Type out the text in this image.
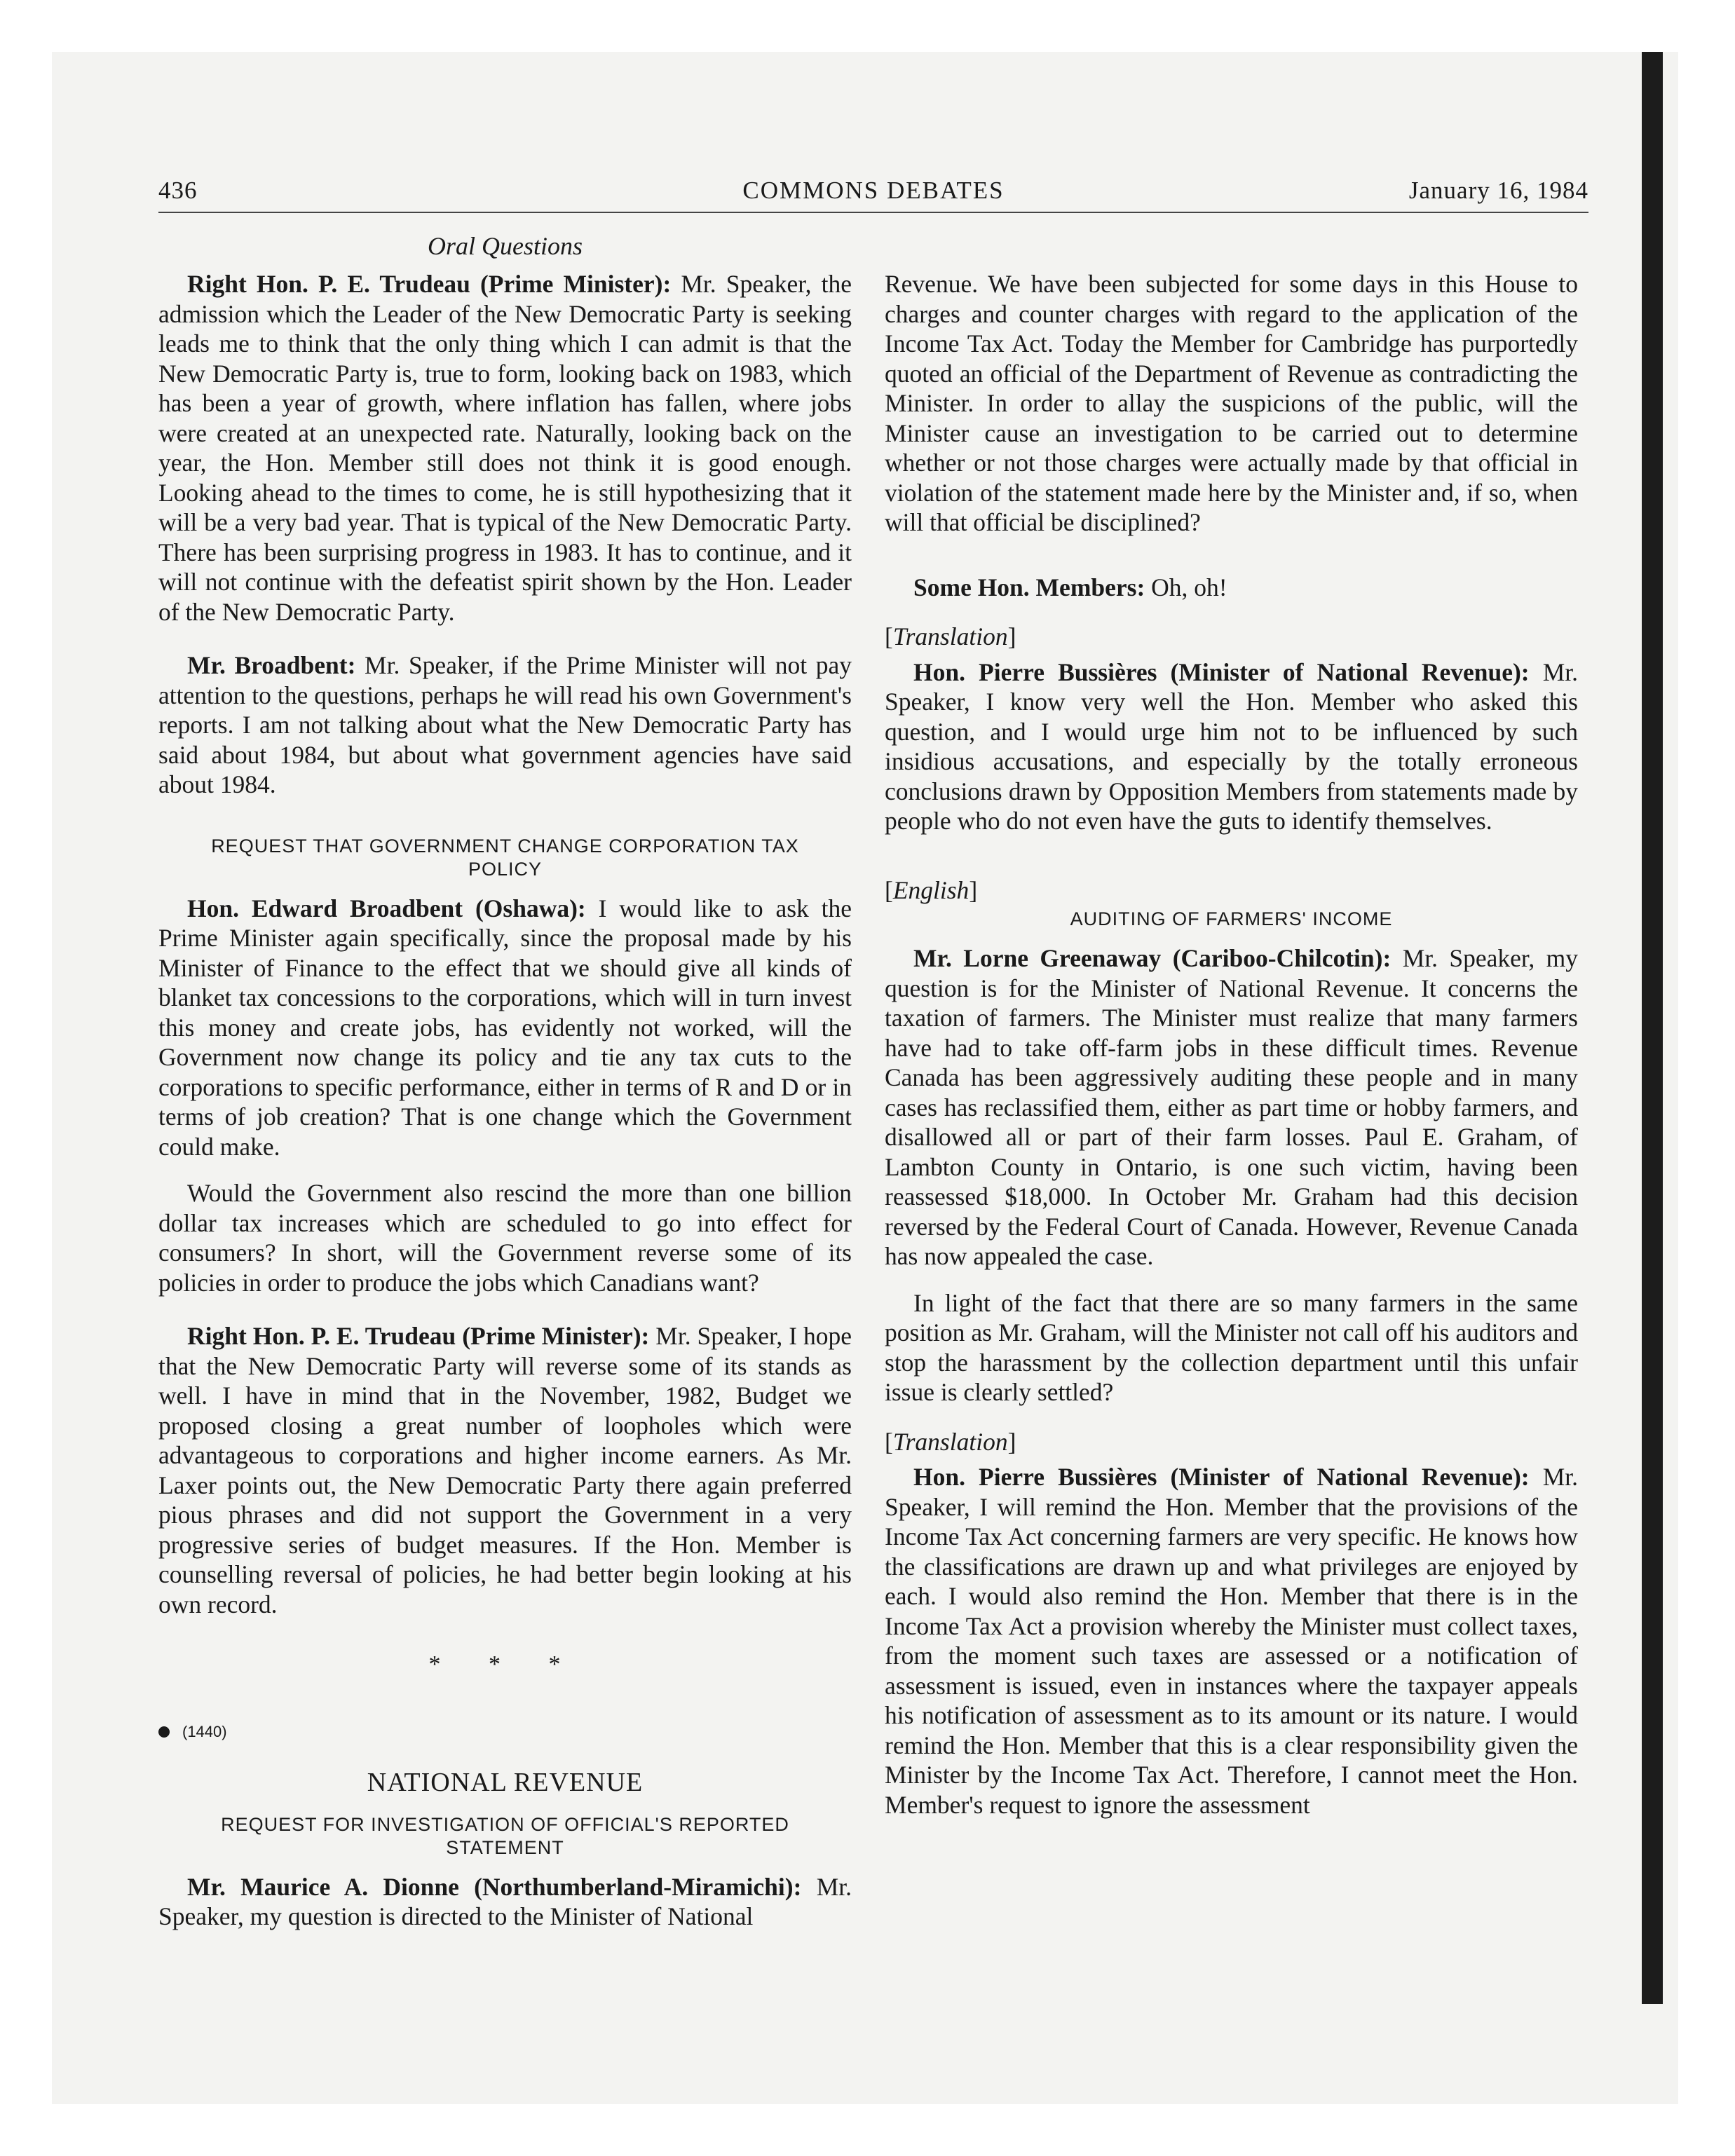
COMMONS DEBATES
436	January 16, 1984
Oral Questions

Right Hon. P. E. Trudeau (Prime Minister): Mr. Speaker, the admission which the Leader of the New Democratic Party is seeking leads me to think that the only thing which I can admit is that the New Democratic Party is, true to form, looking back on 1983, which has been a year of growth, where inflation has fallen, where jobs were created at an unexpected rate. Naturally, looking back on the year, the Hon. Member still does not think it is good enough. Looking ahead to the times to come, he is still hypothesizing that it will be a very bad year. That is typical of the New Democratic Party. There has been surprising progress in 1983. It has to continue, and it will not continue with the defeatist spirit shown by the Hon. Leader of the New Democratic Party.

Mr. Broadbent: Mr. Speaker, if the Prime Minister will not pay attention to the questions, perhaps he will read his own Government's reports. I am not talking about what the New Democratic Party has said about 1984, but about what government agencies have said about 1984.

REQUEST THAT GOVERNMENT CHANGE CORPORATION TAX POLICY

Hon. Edward Broadbent (Oshawa): I would like to ask the Prime Minister again specifically, since the proposal made by his Minister of Finance to the effect that we should give all kinds of blanket tax concessions to the corporations, which will in turn invest this money and create jobs, has evidently not worked, will the Government now change its policy and tie any tax cuts to the corporations to specific performance, either in terms of R and D or in terms of job creation? That is one change which the Government could make.

Would the Government also rescind the more than one billion dollar tax increases which are scheduled to go into effect for consumers? In short, will the Government reverse some of its policies in order to produce the jobs which Canadians want?

Right Hon. P. E. Trudeau (Prime Minister): Mr. Speaker, I hope that the New Democratic Party will reverse some of its stands as well. I have in mind that in the November, 1982, Budget we proposed closing a great number of loopholes which were advantageous to corporations and higher income earners. As Mr. Laxer points out, the New Democratic Party there again preferred pious phrases and did not support the Government in a very progressive series of budget measures. If the Hon. Member is counselling reversal of policies, he had better begin looking at his own record.

* * *
(1440)
NATIONAL REVENUE
REQUEST FOR INVESTIGATION OF OFFICIAL'S REPORTED STATEMENT

Mr. Maurice A. Dionne (Northumberland-Miramichi): Mr. Speaker, my question is directed to the Minister of National

Revenue. We have been subjected for some days in this House to charges and counter charges with regard to the application of the Income Tax Act. Today the Member for Cambridge has purportedly quoted an official of the Department of Revenue as contradicting the Minister. In order to allay the suspicions of the public, will the Minister cause an investigation to be carried out to determine whether or not those charges were actually made by that official in violation of the statement made here by the Minister and, if so, when will that official be disciplined?

Some Hon. Members: Oh, oh!

[Translation]

Hon. Pierre Bussières (Minister of National Revenue): Mr. Speaker, I know very well the Hon. Member who asked this question, and I would urge him not to be influenced by such insidious accusations, and especially by the totally erroneous conclusions drawn by Opposition Members from statements made by people who do not even have the guts to identify themselves.

[English]
AUDITING OF FARMERS' INCOME

Mr. Lorne Greenaway (Cariboo-Chilcotin): Mr. Speaker, my question is for the Minister of National Revenue. It concerns the taxation of farmers. The Minister must realize that many farmers have had to take off-farm jobs in these difficult times. Revenue Canada has been aggressively auditing these people and in many cases has reclassified them, either as part time or hobby farmers, and disallowed all or part of their farm losses. Paul E. Graham, of Lambton County in Ontario, is one such victim, having been reassessed $18,000. In October Mr. Graham had this decision reversed by the Federal Court of Canada. However, Revenue Canada has now appealed the case.

In light of the fact that there are so many farmers in the same position as Mr. Graham, will the Minister not call off his auditors and stop the harassment by the collection department until this unfair issue is clearly settled?

[Translation]

Hon. Pierre Bussières (Minister of National Revenue): Mr. Speaker, I will remind the Hon. Member that the provisions of the Income Tax Act concerning farmers are very specific. He knows how the classifications are drawn up and what privileges are enjoyed by each. I would also remind the Hon. Member that there is in the Income Tax Act a provision whereby the Minister must collect taxes, from the moment such taxes are assessed or a notification of assessment is issued, even in instances where the taxpayer appeals his notification of assessment as to its amount or its nature. I would remind the Hon. Member that this is a clear responsibility given the Minister by the Income Tax Act. Therefore, I cannot meet the Hon. Member's request to ignore the assessment
